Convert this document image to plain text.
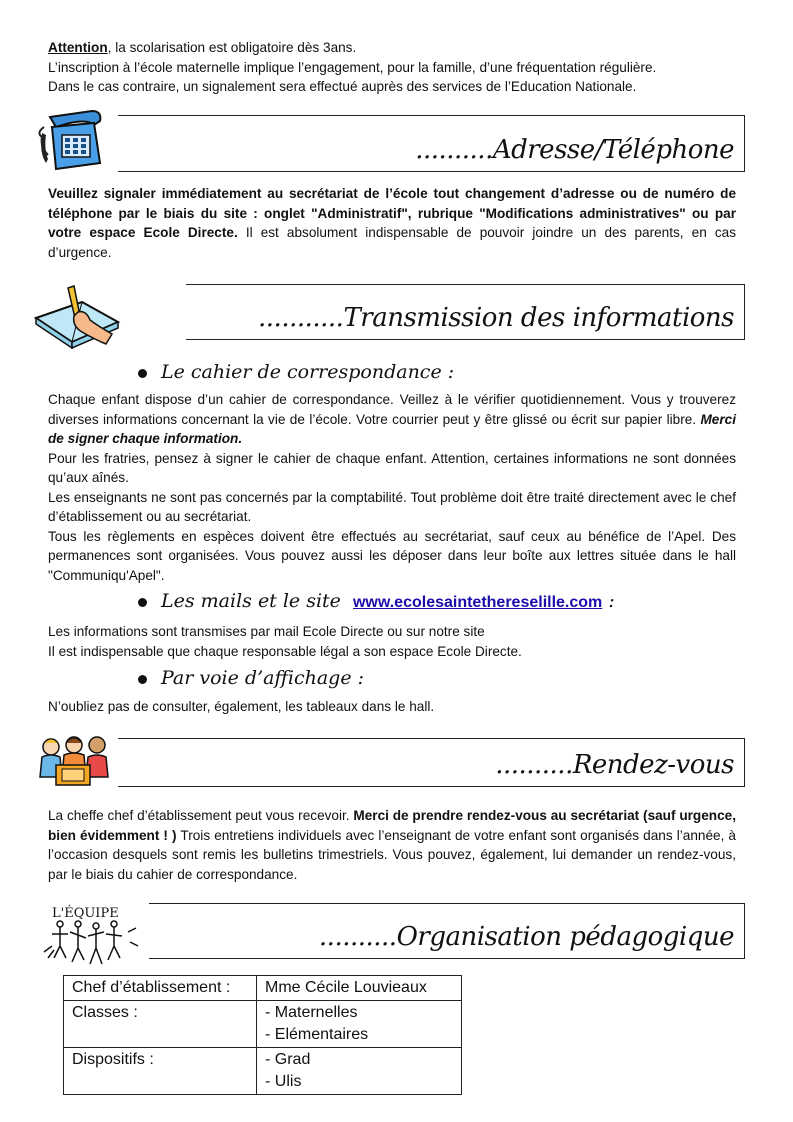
Attention, la scolarisation est obligatoire dès 3ans.

L’inscription à l’école maternelle implique l’engagement, pour la famille, d’une fréquentation régulière.

Dans le cas contraire, un signalement sera effectué auprès des services de l’Education Nationale.

..........Adresse/Téléphone

Veuillez signaler immédiatement au secrétariat de l’école tout changement d’adresse ou de numéro de téléphone par le biais du site : onglet "Administratif", rubrique "Modifications administratives" ou par votre espace Ecole Directe. Il est absolument indispensable de pouvoir joindre un des parents, en cas d’urgence.

...........Transmission des informations
Le cahier de correspondance :

Chaque enfant dispose d’un cahier de correspondance. Veillez à le vérifier quotidiennement. Vous y trouverez diverses informations concernant la vie de l’école. Votre courrier peut y être glissé ou écrit sur papier libre. Merci de signer chaque information.

Pour les fratries, pensez à signer le cahier de chaque enfant. Attention, certaines informations ne sont données qu’aux aînés.

Les enseignants ne sont pas concernés par la comptabilité. Tout problème doit être traité directement avec le chef d’établissement ou au secrétariat.

Tous les règlements en espèces doivent être effectués au secrétariat, sauf ceux au bénéfice de l’Apel. Des permanences sont organisées. Vous pouvez aussi les déposer dans leur boîte aux lettres située dans le hall "Communiqu'Apel".

Les mails et le site www.ecolesaintethereselille.com :

Les informations sont transmises par mail Ecole Directe ou sur notre site

Il est indispensable que chaque responsable légal a son espace Ecole Directe.

Par voie d’affichage :

N’oubliez pas de consulter, également, les tableaux dans le hall.

..........Rendez-vous

La cheffe chef d’établissement peut vous recevoir. Merci de prendre rendez-vous au secrétariat (sauf urgence, bien évidemment ! ) Trois entretiens individuels avec l’enseignant de votre enfant sont organisés dans l’année, à l’occasion desquels sont remis les bulletins trimestriels. Vous pouvez, également, lui demander un rendez-vous, par le biais du cahier de correspondance.

L'ÉQUIPE
..........Organisation pédagogique
Chef d’établissement :	Mme Cécile Louvieaux

Classes :	- Maternelles
- Elémentaires

Dispositifs :	- Grad
- Ulis
